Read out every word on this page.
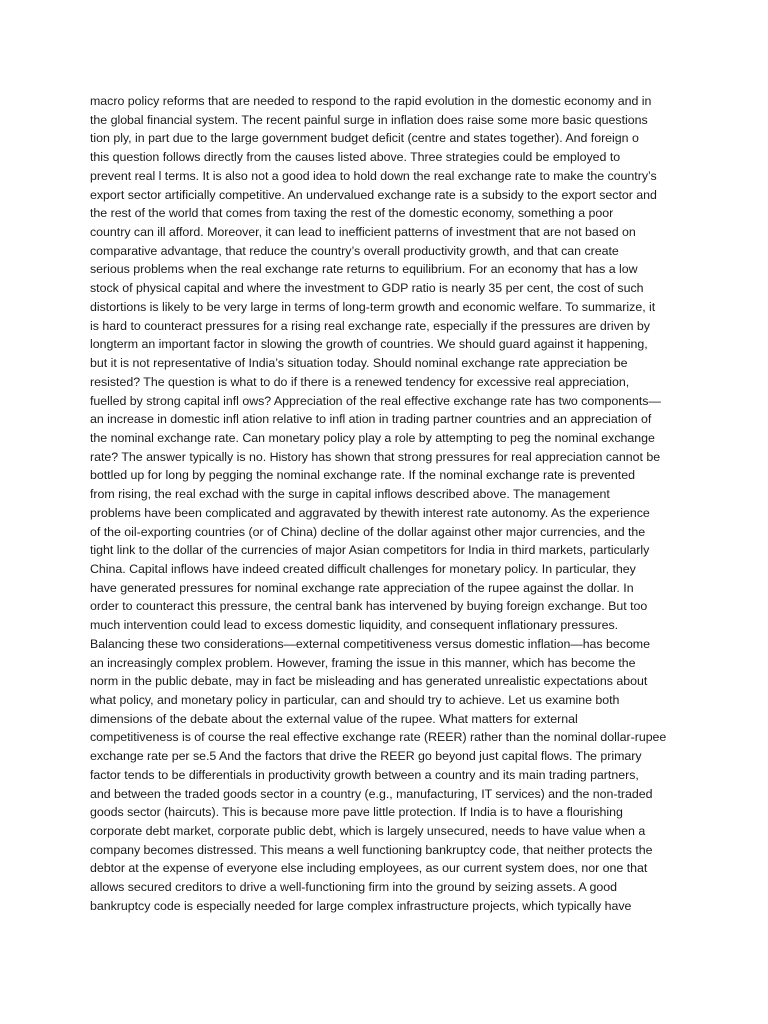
macro policy reforms that are needed to respond to the rapid evolution in the domestic economy and in
the global financial system. The recent painful surge in inflation does raise some more basic questions
tion ply, in part due to the large government budget deficit (centre and states together). And foreign o
this question follows directly from the causes listed above. Three strategies could be employed to
prevent real l terms. It is also not a good idea to hold down the real exchange rate to make the country’s
export sector artificially competitive. An undervalued exchange rate is a subsidy to the export sector and
the rest of the world that comes from taxing the rest of the domestic economy, something a poor
country can ill afford. Moreover, it can lead to inefficient patterns of investment that are not based on
comparative advantage, that reduce the country’s overall productivity growth, and that can create
serious problems when the real exchange rate returns to equilibrium. For an economy that has a low
stock of physical capital and where the investment to GDP ratio is nearly 35 per cent, the cost of such
distortions is likely to be very large in terms of long-term growth and economic welfare. To summarize, it
is hard to counteract pressures for a rising real exchange rate, especially if the pressures are driven by
longterm an important factor in slowing the growth of countries. We should guard against it happening,
but it is not representative of India’s situation today. Should nominal exchange rate appreciation be
resisted? The question is what to do if there is a renewed tendency for excessive real appreciation,
fuelled by strong capital infl ows? Appreciation of the real effective exchange rate has two components—
an increase in domestic infl ation relative to infl ation in trading partner countries and an appreciation of
the nominal exchange rate. Can monetary policy play a role by attempting to peg the nominal exchange
rate? The answer typically is no. History has shown that strong pressures for real appreciation cannot be
bottled up for long by pegging the nominal exchange rate. If the nominal exchange rate is prevented
from rising, the real exchad with the surge in capital inflows described above. The management
problems have been complicated and aggravated by thewith interest rate autonomy. As the experience
of the oil-exporting countries (or of China) decline of the dollar against other major currencies, and the
tight link to the dollar of the currencies of major Asian competitors for India in third markets, particularly
China. Capital inflows have indeed created difficult challenges for monetary policy. In particular, they
have generated pressures for nominal exchange rate appreciation of the rupee against the dollar. In
order to counteract this pressure, the central bank has intervened by buying foreign exchange. But too
much intervention could lead to excess domestic liquidity, and consequent inflationary pressures.
Balancing these two considerations—external competitiveness versus domestic inflation—has become
an increasingly complex problem. However, framing the issue in this manner, which has become the
norm in the public debate, may in fact be misleading and has generated unrealistic expectations about
what policy, and monetary policy in particular, can and should try to achieve. Let us examine both
dimensions of the debate about the external value of the rupee. What matters for external
competitiveness is of course the real effective exchange rate (REER) rather than the nominal dollar-rupee
exchange rate per se.5 And the factors that drive the REER go beyond just capital flows. The primary
factor tends to be differentials in productivity growth between a country and its main trading partners,
and between the traded goods sector in a country (e.g., manufacturing, IT services) and the non-traded
goods sector (haircuts). This is because more pave little protection. If India is to have a flourishing
corporate debt market, corporate public debt, which is largely unsecured, needs to have value when a
company becomes distressed. This means a well functioning bankruptcy code, that neither protects the
debtor at the expense of everyone else including employees, as our current system does, nor one that
allows secured creditors to drive a well-functioning firm into the ground by seizing assets. A good
bankruptcy code is especially needed for large complex infrastructure projects, which typically have
